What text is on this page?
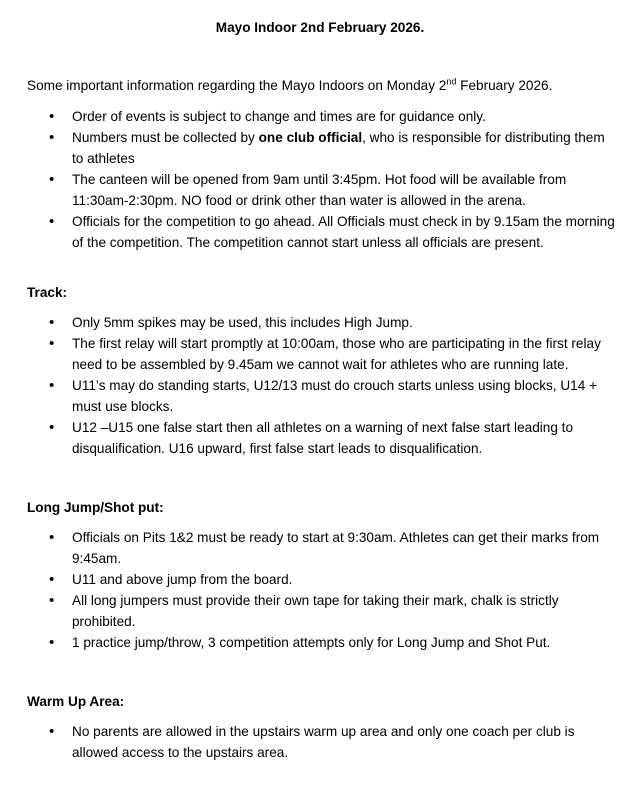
Mayo Indoor 2nd February 2026.
Some important information regarding the Mayo Indoors on Monday 2nd February 2026.
• Order of events is subject to change and times are for guidance only.
• Numbers must be collected by one club official, who is responsible for distributing them to athletes
• The canteen will be opened from 9am until 3:45pm. Hot food will be available from 11:30am-2:30pm. NO food or drink other than water is allowed in the arena.
• Officials for the competition to go ahead. All Officials must check in by 9.15am the morning of the competition. The competition cannot start unless all officials are present.
Track:
• Only 5mm spikes may be used, this includes High Jump.
• The first relay will start promptly at 10:00am, those who are participating in the first relay need to be assembled by 9.45am we cannot wait for athletes who are running late.
• U11’s may do standing starts, U12/13 must do crouch starts unless using blocks, U14 + must use blocks.
• U12 –U15 one false start then all athletes on a warning of next false start leading to disqualification. U16 upward, first false start leads to disqualification.
Long Jump/Shot put:
• Officials on Pits 1&2 must be ready to start at 9:30am. Athletes can get their marks from 9:45am.
• U11 and above jump from the board.
• All long jumpers must provide their own tape for taking their mark, chalk is strictly prohibited.
• 1 practice jump/throw, 3 competition attempts only for Long Jump and Shot Put.
Warm Up Area:
• No parents are allowed in the upstairs warm up area and only one coach per club is allowed access to the upstairs area.
